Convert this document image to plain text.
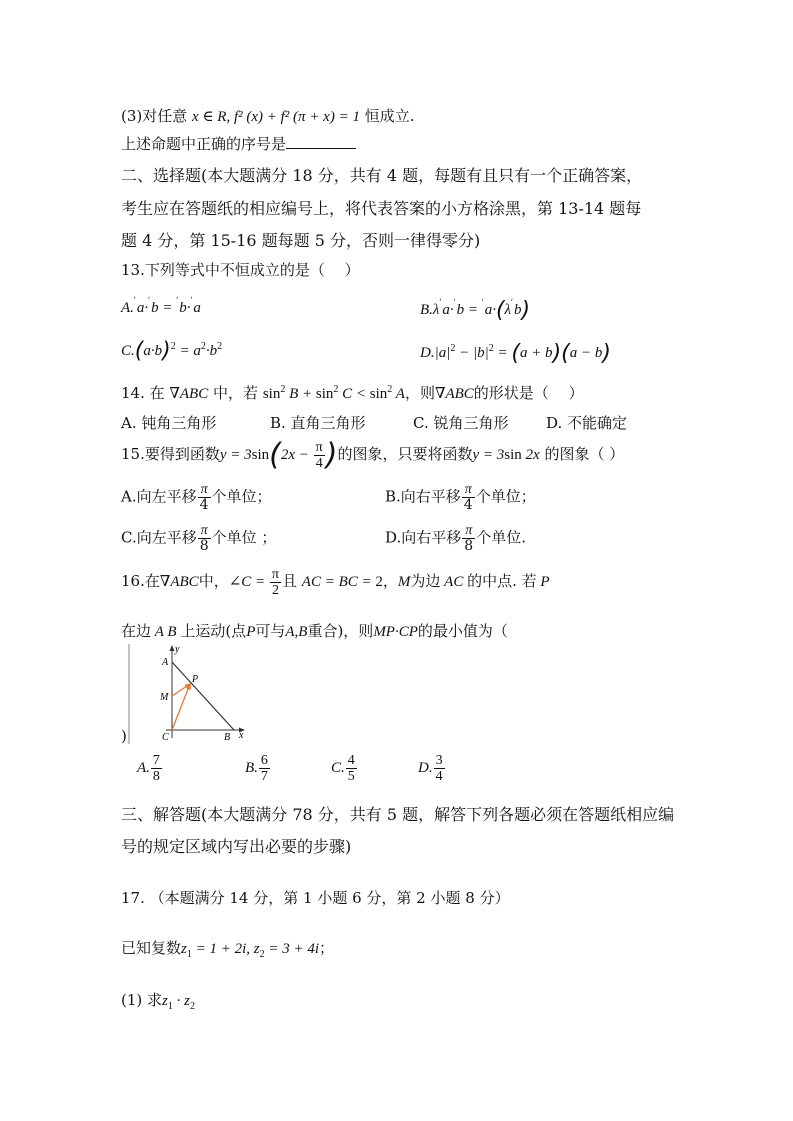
(3)对任意 x ∈ R, f² (x) + f² (π + x) = 1 恒成立.
上述命题中正确的序号是
二、选择题(本大题满分 18 分，共有 4 题，每题有且只有一个正确答案，
考生应在答题纸的相应编号上，将代表答案的小方格涂黑，第 13-14 题每
题 4 分，第 15-16 题每题 5 分，否则一律得零分)
13.下列等式中不恒成立的是（　 ）
A.$^ʹ$a·$^ʹ$b = $^ʹ$b·$^ʹ$a	$B.\lambda^ʹa\cdot^ʹb = ^ʹa\cdot(\lambda^ʹb)$
$C.(a\cdot b)^2 = a^2\cdot b^2$	$D.|a|^2 - |b|^2 = (a + b)(a - b)$
14. 在 ∇ABC 中，若 $\sin^2 B + \sin^2 C < \sin^2 A$，则∇ABC的形状是（　 ）
A. 钝角三角形	B. 直角三角形	C. 锐角三角形	D. 不能确定
15.要得到函数$y = 3\sin(2x - \frac{\pi}{4}$ )的图象，只要将函数y = 3sin 2x 的图象（ ）
A.向左平移 $\frac{\pi}{4}$ 个单位；	B.向右平移 $\frac{\pi}{4}$ 个单位；
C.向左平移 $\frac{\pi}{8}$ 个单位 ；	D.向右平移 $\frac{\pi}{8}$ 个单位.
16.在∇ABC中，∠C = $\frac{\pi}{2}$ 且 AC = BC = 2，M为边 AC 的中点. 若 P
在边 A B 上运动(点P可与A,B重合)，则MP·CP的最小值为（
)
y
A
M
P
C	B x
A. $\frac{7}{8}$	B. $\frac{6}{7}$	C. $\frac{4}{5}$	D. $\frac{3}{4}$
三、解答题(本大题满分 78 分，共有 5 题，解答下列各题必须在答题纸相应编
号的规定区域内写出必要的步骤)
17. （本题满分 14 分，第 1 小题 6 分，第 2 小题 8 分）
已知复数$z_1 = 1 + 2i$, $z_2 = 3 + 4i$；
(1) 求$z_1 \cdot z_2$
